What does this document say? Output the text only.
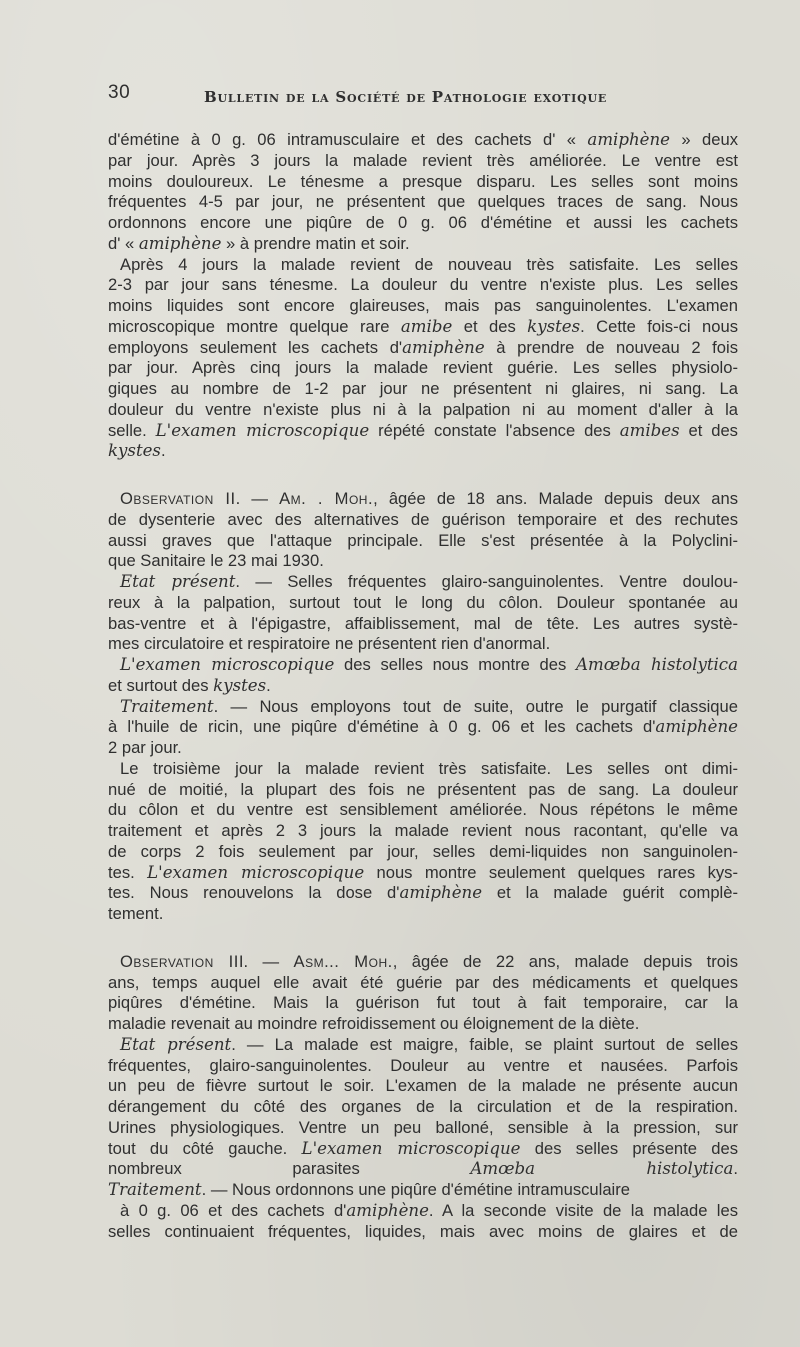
30	Bulletin de la Société de Pathologie exotique
d'émétine à 0 g. 06 intramusculaire et des cachets d' « amiphène » deux
par jour. Après 3 jours la malade revient très améliorée. Le ventre est
moins douloureux. Le ténesme a presque disparu. Les selles sont moins
fréquentes 4-5 par jour, ne présentent que quelques traces de sang. Nous
ordonnons encore une piqûre de 0 g. 06 d'émétine et aussi les cachets
d' « amiphène » à prendre matin et soir.
Après 4 jours la malade revient de nouveau très satisfaite. Les selles
2-3 par jour sans ténesme. La douleur du ventre n'existe plus. Les selles
moins liquides sont encore glaireuses, mais pas sanguinolentes. L'examen
microscopique montre quelque rare amibe et des kystes. Cette fois-ci nous
employons seulement les cachets d'amiphène à prendre de nouveau 2 fois
par jour. Après cinq jours la malade revient guérie. Les selles physiolo-
giques au nombre de 1-2 par jour ne présentent ni glaires, ni sang. La
douleur du ventre n'existe plus ni à la palpation ni au moment d'aller à la
selle. L'examen microscopique répété constate l'absence des amibes et des
kystes.
Observation II. — Am. . Moh., âgée de 18 ans. Malade depuis deux ans
de dysenterie avec des alternatives de guérison temporaire et des rechutes
aussi graves que l'attaque principale. Elle s'est présentée à la Polyclini-
que Sanitaire le 23 mai 1930.
Etat présent. — Selles fréquentes glairo-sanguinolentes. Ventre doulou-
reux à la palpation, surtout tout le long du côlon. Douleur spontanée au
bas-ventre et à l'épigastre, affaiblissement, mal de tête. Les autres systè-
mes circulatoire et respiratoire ne présentent rien d'anormal.
L'examen microscopique des selles nous montre des Amœba histolytica
et surtout des kystes.
Traitement. — Nous employons tout de suite, outre le purgatif classique
à l'huile de ricin, une piqûre d'émétine à 0 g. 06 et les cachets d'amiphène
2 par jour.
Le troisième jour la malade revient très satisfaite. Les selles ont dimi-
nué de moitié, la plupart des fois ne présentent pas de sang. La douleur
du côlon et du ventre est sensiblement améliorée. Nous répétons le même
traitement et après 2 3 jours la malade revient nous racontant, qu'elle va
de corps 2 fois seulement par jour, selles demi-liquides non sanguinolen-
tes. L'examen microscopique nous montre seulement quelques rares kys-
tes. Nous renouvelons la dose d'amiphène et la malade guérit complè-
tement.
Observation III. — Asm... Moh., âgée de 22 ans, malade depuis trois
ans, temps auquel elle avait été guérie par des médicaments et quelques
piqûres d'émétine. Mais la guérison fut tout à fait temporaire, car la
maladie revenait au moindre refroidissement ou éloignement de la diète.
Etat présent. — La malade est maigre, faible, se plaint surtout de selles
fréquentes, glairo-sanguinolentes. Douleur au ventre et nausées. Parfois
un peu de fièvre surtout le soir. L'examen de la malade ne présente aucun
dérangement du côté des organes de la circulation et de la respiration.
Urines physiologiques. Ventre un peu balloné, sensible à la pression, sur
tout du côté gauche. L'examen microscopique des selles présente des
nombreux parasites Amœba histolytica.
Traitement. — Nous ordonnons une piqûre d'émétine intramusculaire
à 0 g. 06 et des cachets d'amiphène. A la seconde visite de la malade les
selles continuaient fréquentes, liquides, mais avec moins de glaires et de
